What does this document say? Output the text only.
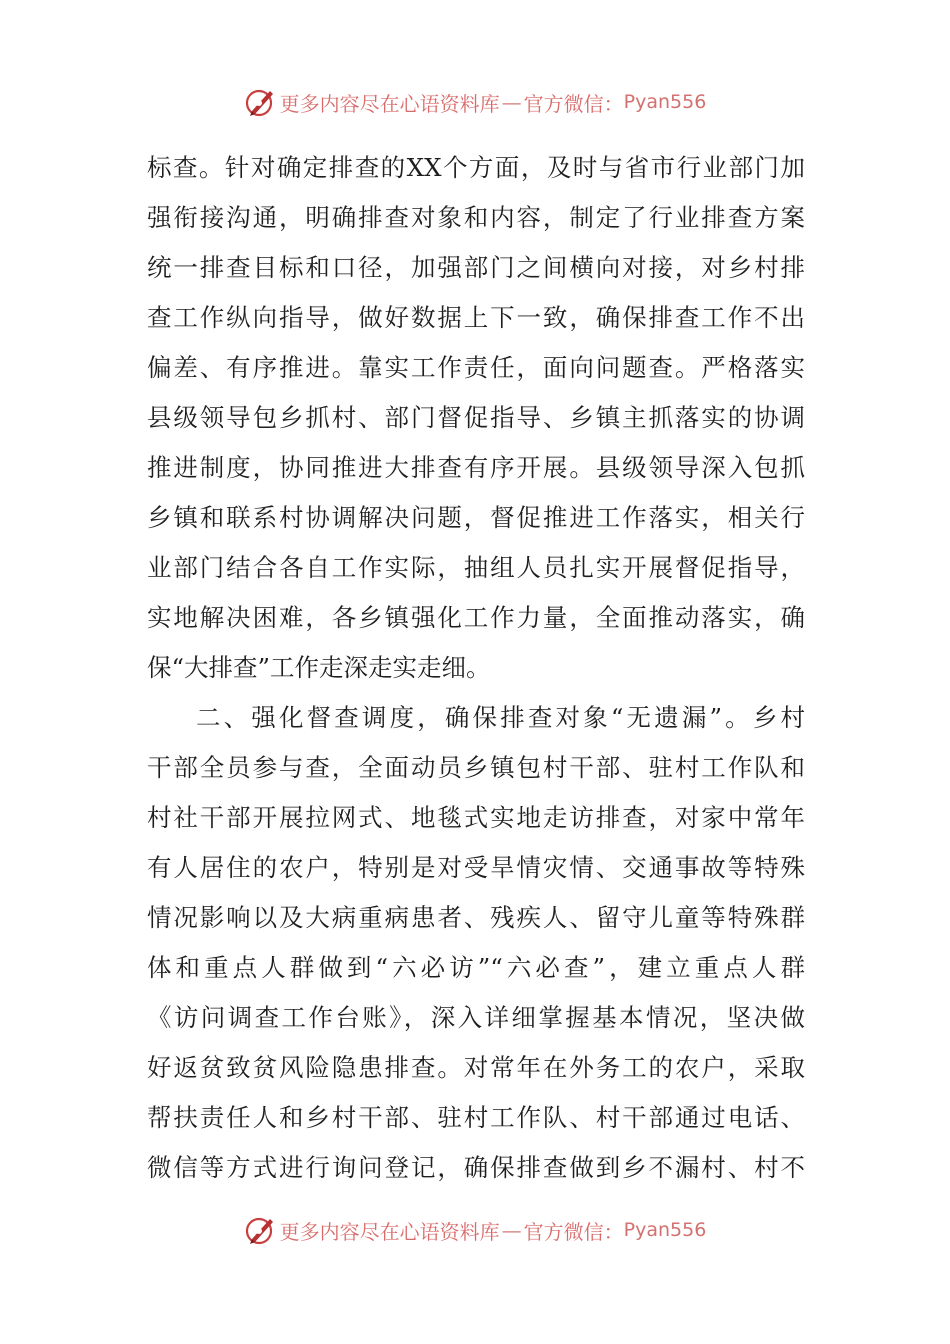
更多内容尽在心语资料库 — 官方微信： Pyan556
标查。针对确定排查的XX个方面，及时与省市行业部门加
强衔接沟通，明确排查对象和内容，制定了行业排查方案
统一排查目标和口径，加强部门之间横向对接，对乡村排
查工作纵向指导，做好数据上下一致，确保排查工作不出
偏差、有序推进。靠实工作责任，面向问题查。严格落实
县级领导包乡抓村、部门督促指导、乡镇主抓落实的协调
推进制度，协同推进大排查有序开展。县级领导深入包抓
乡镇和联系村协调解决问题，督促推进工作落实，相关行
业部门结合各自工作实际，抽组人员扎实开展督促指导，
实地解决困难，各乡镇强化工作力量，全面推动落实，确
保“大排查”工作走深走实走细。
二、强化督查调度，确保排查对象“无遗漏”。乡村
干部全员参与查，全面动员乡镇包村干部、驻村工作队和
村社干部开展拉网式、地毯式实地走访排查，对家中常年
有人居住的农户，特别是对受旱情灾情、交通事故等特殊
情况影响以及大病重病患者、残疾人、留守儿童等特殊群
体和重点人群做到“六必访”“六必查”，建立重点人群
《访问调查工作台账》，深入详细掌握基本情况，坚决做
好返贫致贫风险隐患排查。对常年在外务工的农户，采取
帮扶责任人和乡村干部、驻村工作队、村干部通过电话、
微信等方式进行询问登记，确保排查做到乡不漏村、村不
更多内容尽在心语资料库 — 官方微信： Pyan556
